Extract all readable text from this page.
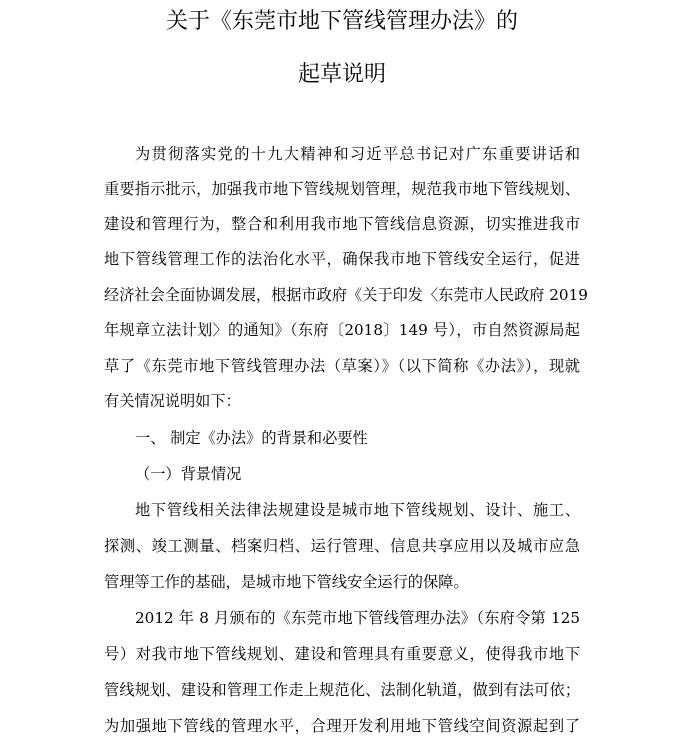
关于《东莞市地下管线管理办法》的
起草说明

为贯彻落实党的十九大精神和习近平总书记对广东重要讲话和

重要指示批示，加强我市地下管线规划管理，规范我市地下管线规划、

建设和管理行为，整合和利用我市地下管线信息资源，切实推进我市

地下管线管理工作的法治化水平，确保我市地下管线安全运行，促进

经济社会全面协调发展，根据市政府《关于印发〈东莞市人民政府 2019

年规章立法计划〉的通知》（东府〔2018〕149 号），市自然资源局起

草了《东莞市地下管线管理办法（草案）》（以下简称《办法》），现就

有关情况说明如下：

一、 制定《办法》的背景和必要性

（一）背景情况

地下管线相关法律法规建设是城市地下管线规划、设计、施工、

探测、竣工测量、档案归档、运行管理、信息共享应用以及城市应急

管理等工作的基础，是城市地下管线安全运行的保障。

2012 年 8 月颁布的《东莞市地下管线管理办法》（东府令第 125

号）对我市地下管线规划、建设和管理具有重要意义，使得我市地下

管线规划、建设和管理工作走上规范化、法制化轨道，做到有法可依；

为加强地下管线的管理水平，合理开发利用地下管线空间资源起到了
